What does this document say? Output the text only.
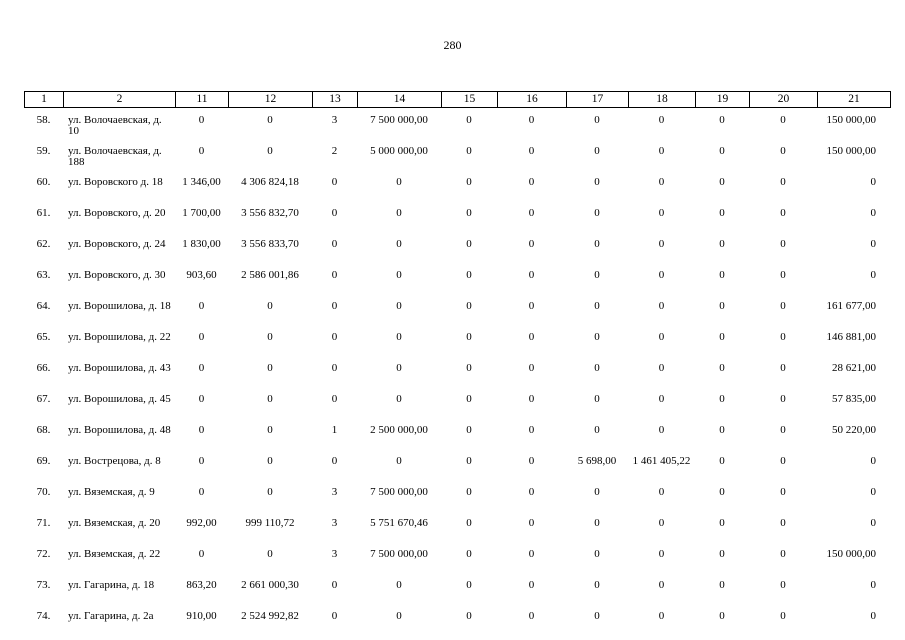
280
1	2	11	12	13	14	15	16	17	18	19	20	21
58.	ул. Волочаевская, д. 10	0	0	3	7 500 000,00	0	0	0	0	0	0	150 000,00
59.	ул. Волочаевская, д. 188	0	0	2	5 000 000,00	0	0	0	0	0	0	150 000,00
60.	ул. Воровского д. 18	1 346,00	4 306 824,18	0	0	0	0	0	0	0	0	0
61.	ул. Воровского, д. 20	1 700,00	3 556 832,70	0	0	0	0	0	0	0	0	0
62.	ул. Воровского, д. 24	1 830,00	3 556 833,70	0	0	0	0	0	0	0	0	0
63.	ул. Воровского, д. 30	903,60	2 586 001,86	0	0	0	0	0	0	0	0	0
64.	ул. Ворошилова, д. 18	0	0	0	0	0	0	0	0	0	0	161 677,00
65.	ул. Ворошилова, д. 22	0	0	0	0	0	0	0	0	0	0	146 881,00
66.	ул. Ворошилова, д. 43	0	0	0	0	0	0	0	0	0	0	28 621,00
67.	ул. Ворошилова, д. 45	0	0	0	0	0	0	0	0	0	0	57 835,00
68.	ул. Ворошилова, д. 48	0	0	1	2 500 000,00	0	0	0	0	0	0	50 220,00
69.	ул. Вострецова, д. 8	0	0	0	0	0	0	5 698,00	1 461 405,22	0	0	0
70.	ул. Вяземская, д. 9	0	0	3	7 500 000,00	0	0	0	0	0	0	0
71.	ул. Вяземская, д. 20	992,00	999 110,72	3	5 751 670,46	0	0	0	0	0	0	0
72.	ул. Вяземская, д. 22	0	0	3	7 500 000,00	0	0	0	0	0	0	150 000,00
73.	ул. Гагарина, д. 18	863,20	2 661 000,30	0	0	0	0	0	0	0	0	0
74.	ул. Гагарина, д. 2а	910,00	2 524 992,82	0	0	0	0	0	0	0	0	0
